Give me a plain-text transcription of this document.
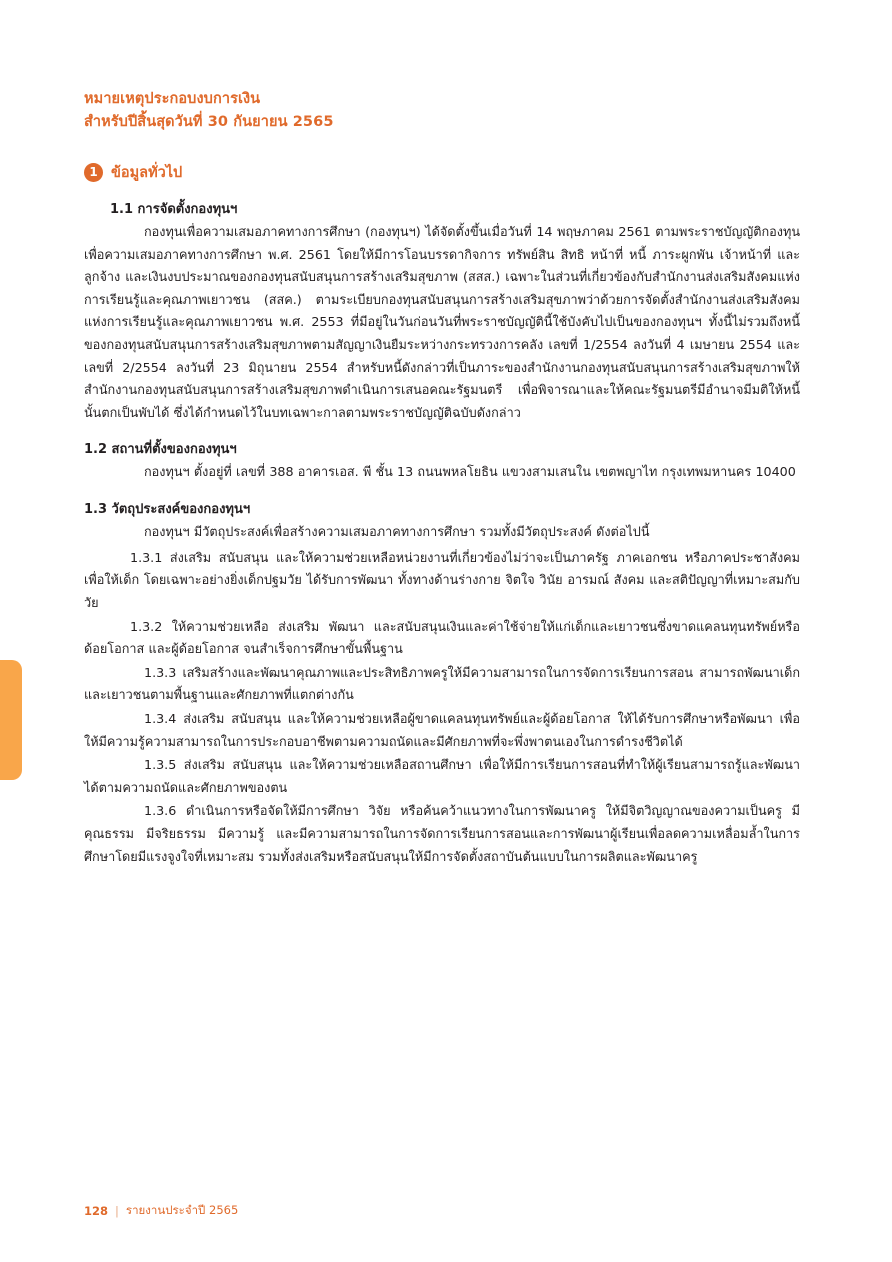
หมายเหตุประกอบงบการเงิน
สำหรับปีสิ้นสุดวันที่ 30 กันยายน 2565
1 ข้อมูลทั่วไป
1.1 การจัดตั้งกองทุนฯ

กองทุนเพื่อความเสมอภาคทางการศึกษา (กองทุนฯ) ได้จัดตั้งขึ้นเมื่อวันที่ 14 พฤษภาคม 2561 ตามพระราชบัญญัติกองทุนเพื่อความเสมอภาคทางการศึกษา พ.ศ. 2561 โดยให้มีการโอนบรรดากิจการ ทรัพย์สิน สิทธิ หน้าที่ หนี้ ภาระผูกพัน เจ้าหน้าที่ และลูกจ้าง และเงินงบประมาณของกองทุนสนับสนุนการสร้างเสริมสุขภาพ (สสส.) เฉพาะในส่วนที่เกี่ยวข้องกับสำนักงานส่งเสริมสังคมแห่งการเรียนรู้และคุณภาพเยาวชน (สสค.) ตามระเบียบกองทุนสนับสนุนการสร้างเสริมสุขภาพว่าด้วยการจัดตั้งสำนักงานส่งเสริมสังคมแห่งการเรียนรู้และคุณภาพเยาวชน พ.ศ. 2553 ที่มีอยู่ในวันก่อนวันที่พระราชบัญญัตินี้ใช้บังคับไปเป็นของกองทุนฯ ทั้งนี้ไม่รวมถึงหนี้ของกองทุนสนับสนุนการสร้างเสริมสุขภาพตามสัญญาเงินยืมระหว่างกระทรวงการคลัง เลขที่ 1/2554 ลงวันที่ 4 เมษายน 2554 และเลขที่ 2/2554 ลงวันที่ 23 มิถุนายน 2554 สำหรับหนี้ดังกล่าวที่เป็นภาระของสำนักงานกองทุนสนับสนุนการสร้างเสริมสุขภาพให้สำนักงานกองทุนสนับสนุนการสร้างเสริมสุขภาพดำเนินการเสนอคณะรัฐมนตรี เพื่อพิจารณาและให้คณะรัฐมนตรีมีอำนาจมีมติให้หนี้นั้นตกเป็นพับได้ ซึ่งได้กำหนดไว้ในบทเฉพาะกาลตามพระราชบัญญัติฉบับดังกล่าว

1.2 สถานที่ตั้งของกองทุนฯ

กองทุนฯ ตั้งอยู่ที่ เลขที่ 388 อาคารเอส. พี ชั้น 13 ถนนพหลโยธิน แขวงสามเสนใน เขตพญาไท กรุงเทพมหานคร 10400

1.3 วัตถุประสงค์ของกองทุนฯ

กองทุนฯ มีวัตถุประสงค์เพื่อสร้างความเสมอภาคทางการศึกษา รวมทั้งมีวัตถุประสงค์ ดังต่อไปนี้

1.3.1 ส่งเสริม สนับสนุน และให้ความช่วยเหลือหน่วยงานที่เกี่ยวข้องไม่ว่าจะเป็นภาครัฐ ภาคเอกชน หรือภาคประชาสังคม เพื่อให้เด็ก โดยเฉพาะอย่างยิ่งเด็กปฐมวัย ได้รับการพัฒนา ทั้งทางด้านร่างกาย จิตใจ วินัย อารมณ์ สังคม และสติปัญญาที่เหมาะสมกับวัย

1.3.2 ให้ความช่วยเหลือ ส่งเสริม พัฒนา และสนับสนุนเงินและค่าใช้จ่ายให้แก่เด็กและเยาวชนซึ่งขาดแคลนทุนทรัพย์หรือด้อยโอกาส และผู้ด้อยโอกาส จนสำเร็จการศึกษาขั้นพื้นฐาน

1.3.3 เสริมสร้างและพัฒนาคุณภาพและประสิทธิภาพครูให้มีความสามารถในการจัดการเรียนการสอน สามารถพัฒนาเด็กและเยาวชนตามพื้นฐานและศักยภาพที่แตกต่างกัน

1.3.4 ส่งเสริม สนับสนุน และให้ความช่วยเหลือผู้ขาดแคลนทุนทรัพย์และผู้ด้อยโอกาส ให้ได้รับการศึกษาหรือพัฒนา เพื่อให้มีความรู้ความสามารถในการประกอบอาชีพตามความถนัดและมีศักยภาพที่จะพึ่งพาตนเองในการดำรงชีวิตได้

1.3.5 ส่งเสริม สนับสนุน และให้ความช่วยเหลือสถานศึกษา เพื่อให้มีการเรียนการสอนที่ทำให้ผู้เรียนสามารถรู้และพัฒนาได้ตามความถนัดและศักยภาพของตน

1.3.6 ดำเนินการหรือจัดให้มีการศึกษา วิจัย หรือค้นคว้าแนวทางในการพัฒนาครู ให้มีจิตวิญญาณของความเป็นครู มีคุณธรรม มีจริยธรรม มีความรู้ และมีความสามารถในการจัดการเรียนการสอนและการพัฒนาผู้เรียนเพื่อลดความเหลื่อมล้ำในการศึกษาโดยมีแรงจูงใจที่เหมาะสม รวมทั้งส่งเสริมหรือสนับสนุนให้มีการจัดตั้งสถาบันต้นแบบในการผลิตและพัฒนาครู

128 | รายงานประจำปี 2565
